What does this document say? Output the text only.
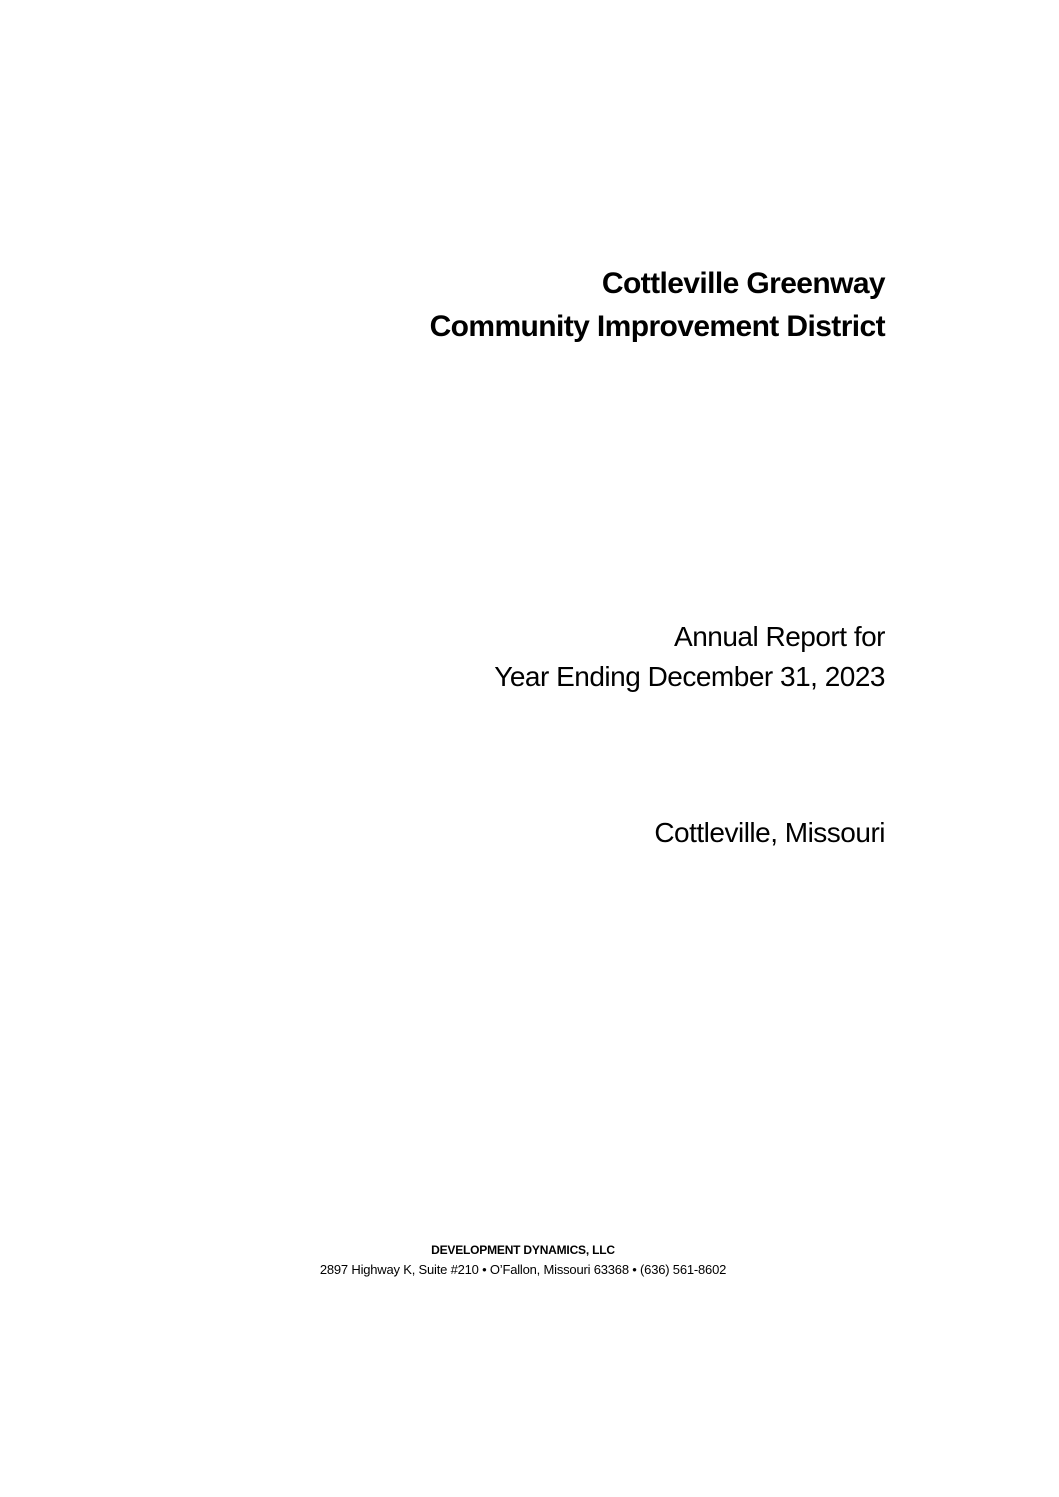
Cottleville Greenway
Community Improvement District
Annual Report for
Year Ending December 31, 2023
Cottleville, Missouri
DEVELOPMENT DYNAMICS, LLC
2897 Highway K, Suite #210 • O’Fallon, Missouri 63368 • (636) 561-8602
